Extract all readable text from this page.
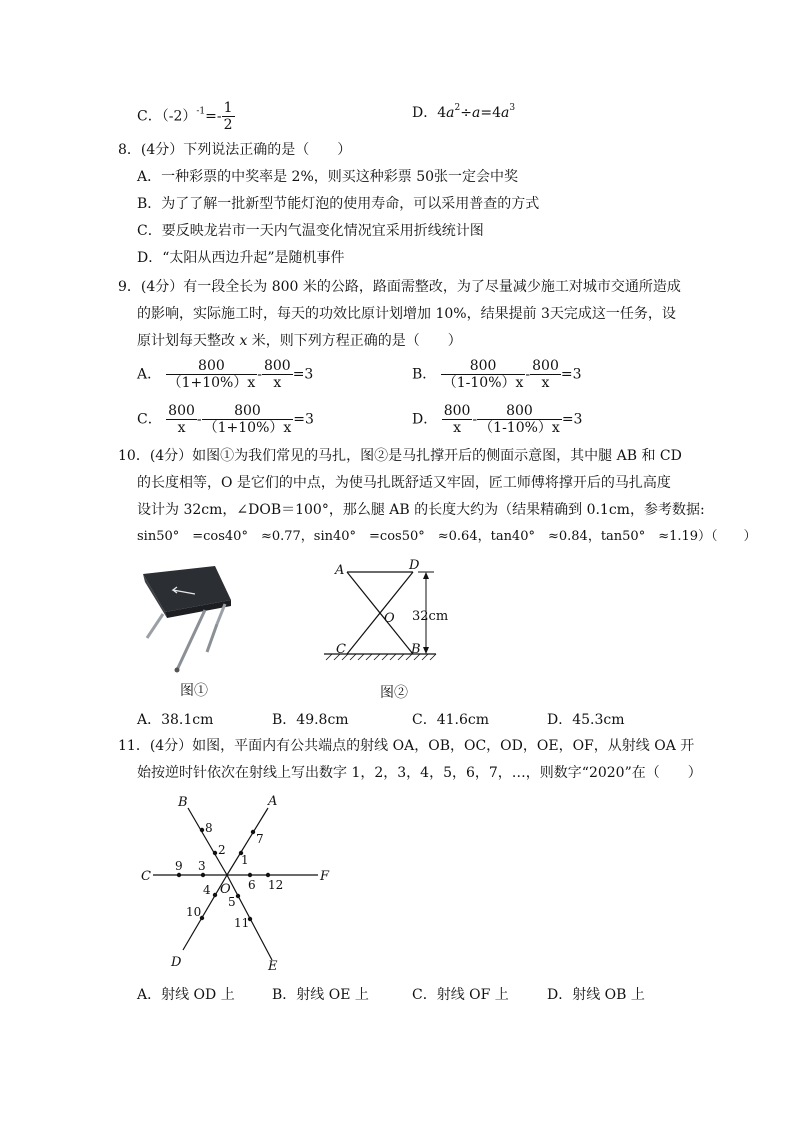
C．$(-2)^{-1}=- \frac{1}{2}$	D．$4a^2\div a=4a^3$
8．(4分）下列说法正确的是（　　）
A．一种彩票的中奖率是 2%，则买这种彩票 50张一定会中奖
B．为了了解一批新型节能灯泡的使用寿命，可以采用普查的方式
C．要反映龙岩市一天内气温变化情况宜采用折线统计图
D．“太阳从西边升起”是随机事件
9．(4分）有一段全长为 800 米的公路，路面需整改，为了尽量减少施工对城市交通所造成
的影响，实际施工时，每天的功效比原计划增加 10%，结果提前 3天完成这一任务，设
原计划每天整改 x 米，则下列方程正确的是（　　）
A． $\frac{800}{(1+10\%)x} - \frac{800}{x} =3$	B． $\frac{800}{(1-10\%)x} - \frac{800}{x} =3$
C． $\frac{800}{x} - \frac{800}{(1+10\%)x} =3$	D． $\frac{800}{x} - \frac{800}{(1-10\%)x} =3$
10．(4分）如图①为我们常见的马扎，图②是马扎撑开后的侧面示意图，其中腿 AB 和 CD
的长度相等，O 是它们的中点，为使马扎既舒适又牢固，匠工师傅将撑开后的马扎高度
设计为 32cm，∠DOB＝100°，那么腿 AB 的长度大约为（结果精确到 0.1cm，参考数据:
sin50°　=cos40°　≈0.77，sin40°　=cos50°　≈0.64，tan40°　≈0.84，tan50°　≈1.19）（　　）
图①
A	D
O
C	B
32cm
图②
A．38.1cm	B．49.8cm	C．41.6cm	D．45.3cm
11．(4分）如图，平面内有公共端点的射线 OA，OB，OC，OD，OE，OF，从射线 OA 开
始按逆时针依次在射线上写出数字 1，2，3，4，5，6，7，…，则数字“2020”在（　　）
B	A
C	F
D	E
O
1
7
2
8
3
9
4
10
5
11
6 12
A．射线 OD 上	B．射线 OE 上	C．射线 OF 上	D．射线 OB 上
